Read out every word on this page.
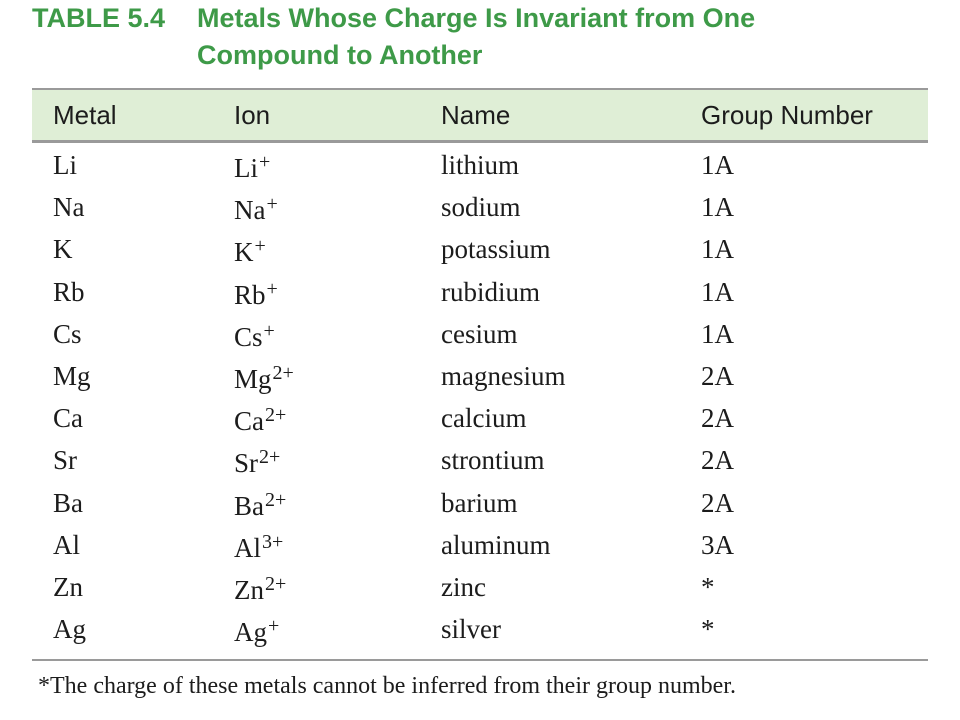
TABLE 5.4 Metals Whose Charge Is Invariant from One Compound to Another
Metal	Ion	Name	Group Number
Li	Li+	lithium	1A
Na	Na+	sodium	1A
K	K+	potassium	1A
Rb	Rb+	rubidium	1A
Cs	Cs+	cesium	1A
Mg	$Mg^{2+}$	magnesium	2A
Ca	$Ca^{2+}$	calcium	2A
Sr	$Sr^{2+}$	strontium	2A
Ba	$Ba^{2+}$	barium	2A
Al	$Al^{3+}$	aluminum	3A
Zn	$Zn^{2+}$	zinc	*
Ag	Ag+	silver	*
*The charge of these metals cannot be inferred from their group number.
